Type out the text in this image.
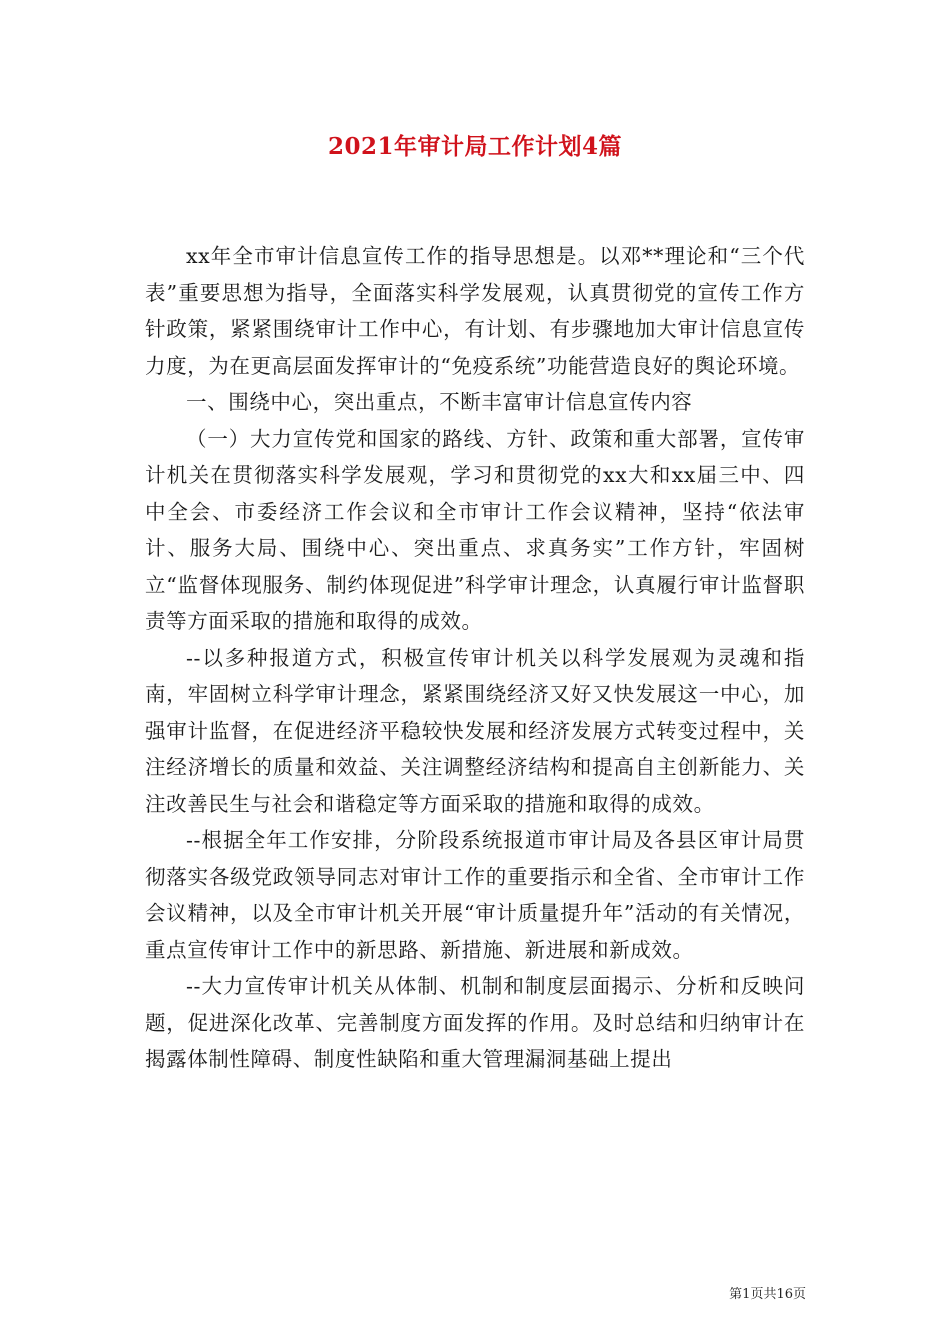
2021年审计局工作计划4篇

xx年全市审计信息宣传工作的指导思想是。以邓**理论和“三个代表”重要思想为指导，全面落实科学发展观，认真贯彻党的宣传工作方针政策，紧紧围绕审计工作中心，有计划、有步骤地加大审计信息宣传力度，为在更高层面发挥审计的“免疫系统”功能营造良好的舆论环境。

一、围绕中心，突出重点，不断丰富审计信息宣传内容

（一）大力宣传党和国家的路线、方针、政策和重大部署，宣传审计机关在贯彻落实科学发展观，学习和贯彻党的xx大和xx届三中、四中全会、市委经济工作会议和全市审计工作会议精神，坚持“依法审计、服务大局、围绕中心、突出重点、求真务实”工作方针，牢固树立“监督体现服务、制约体现促进”科学审计理念，认真履行审计监督职责等方面采取的措施和取得的成效。

--以多种报道方式，积极宣传审计机关以科学发展观为灵魂和指南，牢固树立科学审计理念，紧紧围绕经济又好又快发展这一中心，加强审计监督，在促进经济平稳较快发展和经济发展方式转变过程中，关注经济增长的质量和效益、关注调整经济结构和提高自主创新能力、关注改善民生与社会和谐稳定等方面采取的措施和取得的成效。

--根据全年工作安排，分阶段系统报道市审计局及各县区审计局贯彻落实各级党政领导同志对审计工作的重要指示和全省、全市审计工作会议精神，以及全市审计机关开展“审计质量提升年”活动的有关情况，重点宣传审计工作中的新思路、新措施、新进展和新成效。

--大力宣传审计机关从体制、机制和制度层面揭示、分析和反映问题，促进深化改革、完善制度方面发挥的作用。及时总结和归纳审计在揭露体制性障碍、制度性缺陷和重大管理漏洞基础上提出

第1页共16页
